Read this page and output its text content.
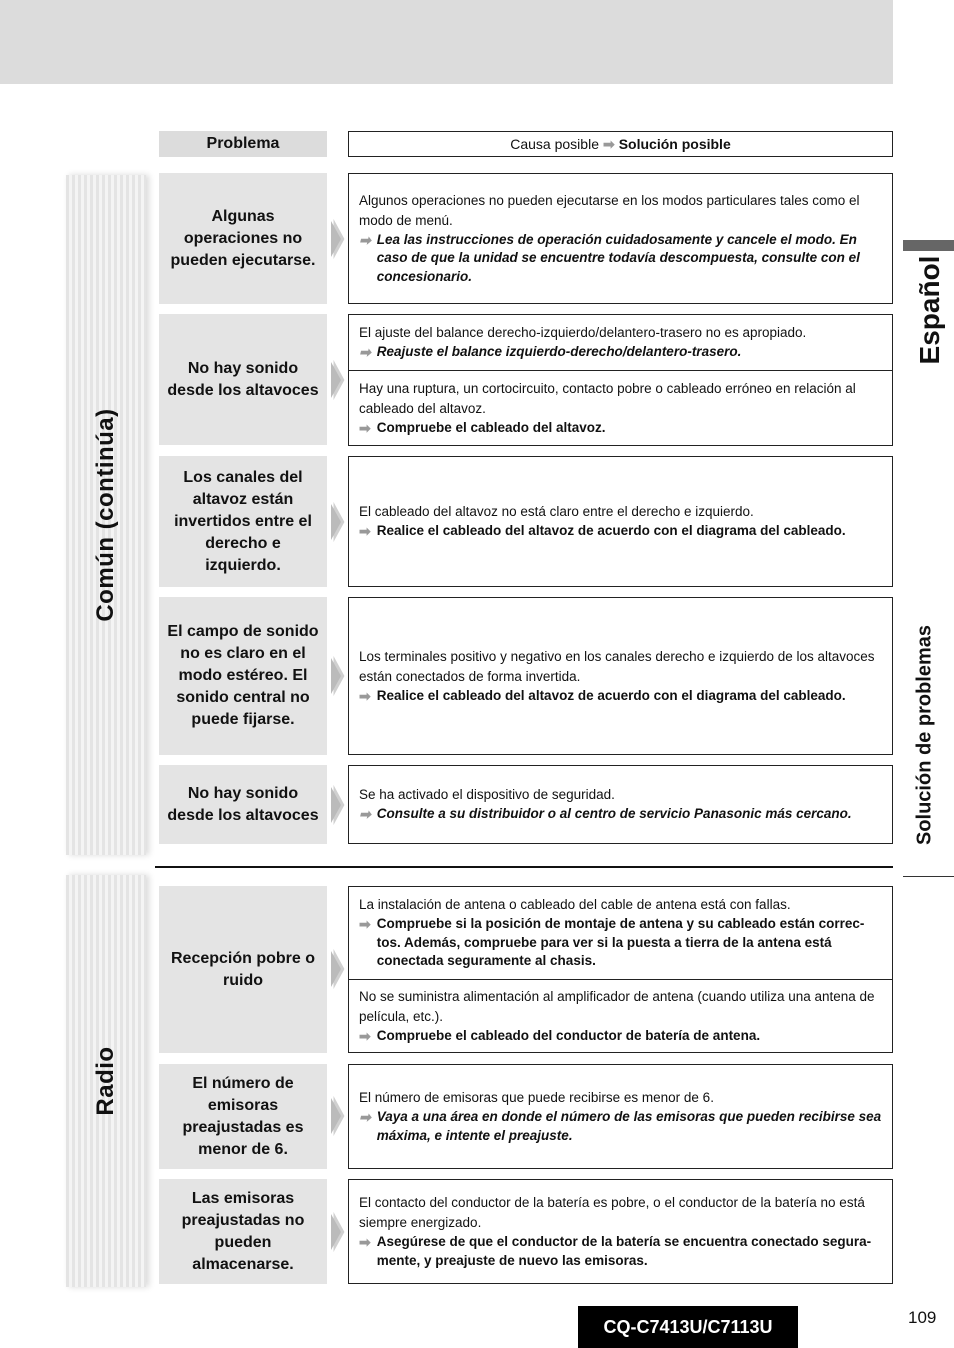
Problema	Causa posible ➡ Solución posible
Común (continúa)
Radio
Algunas operaciones no pueden ejecutarse.
Algunos operaciones no pueden ejecutarse en los modos particulares tales como el modo de menú.
➡ Lea las instrucciones de operación cuidadosamente y cancele el modo. En caso de que la unidad se encuentre todavía descompuesta, consulte con el concesionario.
No hay sonido desde los altavoces
El ajuste del balance derecho-izquierdo/delantero-trasero no es apropiado.
➡ Reajuste el balance izquierdo-derecho/delantero-trasero.
Hay una ruptura, un cortocircuito, contacto pobre o cableado erróneo en relación al cableado del altavoz.
➡ Compruebe el cableado del altavoz.
Los canales del altavoz están invertidos entre el derecho e izquierdo.
El cableado del altavoz no está claro entre el derecho e izquierdo.
➡ Realice el cableado del altavoz de acuerdo con el diagrama del cableado.
El campo de sonido no es claro en el modo estéreo. El sonido central no puede fijarse.
Los terminales positivo y negativo en los canales derecho e izquierdo de los altavoces están conectados de forma invertida.
➡ Realice el cableado del altavoz de acuerdo con el diagrama del cableado.
No hay sonido desde los altavoces
Se ha activado el dispositivo de seguridad.
➡ Consulte a su distribuidor o al centro de servicio Panasonic más cercano.
Recepción pobre o ruido
La instalación de antena o cableado del cable de antena está con fallas.
➡ Compruebe si la posición de montaje de antena y su cableado están correc-tos. Además, compruebe para ver si la puesta a tierra de la antena está conectada seguramente al chasis.
No se suministra alimentación al amplificador de antena (cuando utiliza una antena de película, etc.).
➡ Compruebe el cableado del conductor de batería de antena.
El número de emisoras preajustadas es menor de 6.
El número de emisoras que puede recibirse es menor de 6.
➡ Vaya a una área en donde el número de las emisoras que pueden recibirse sea máxima, e intente el preajuste.
Las emisoras preajustadas no pueden almacenarse.
El contacto del conductor de la batería es pobre, o el conductor de la batería no está siempre energizado.
➡ Asegúrese de que el conductor de la batería se encuentra conectado segura-mente, y preajuste de nuevo las emisoras.
Español
Solución de problemas
CQ-C7413U/C7113U	109
